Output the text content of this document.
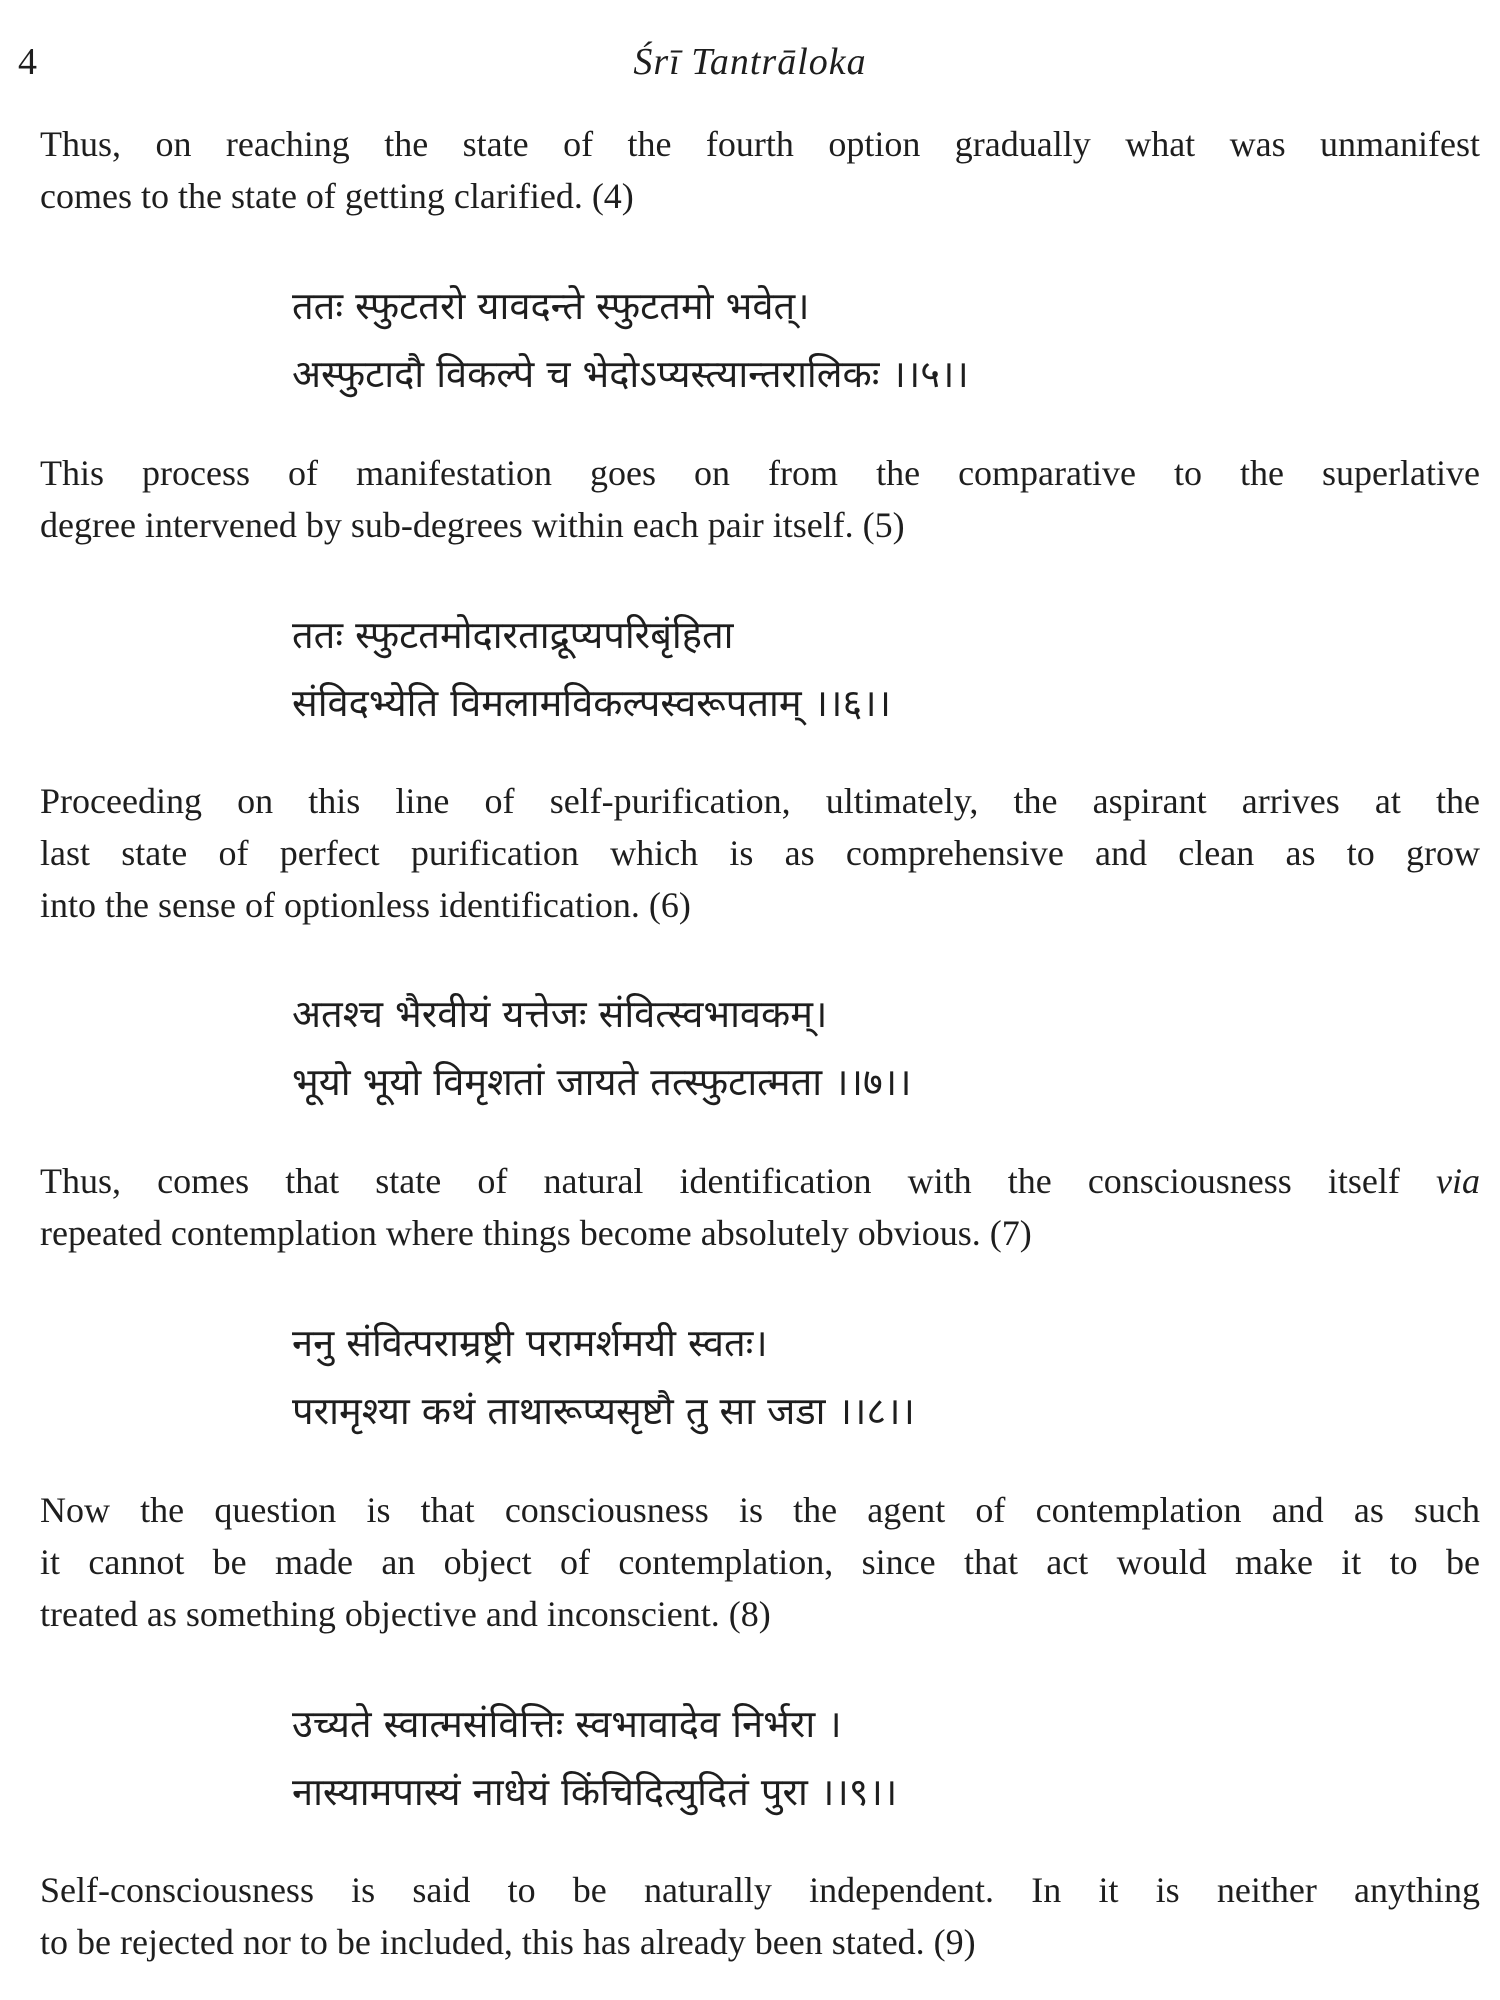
4	Śrī Tantrāloka

Thus, on reaching the state of the fourth option gradually what was unmanifest
comes to the state of getting clarified. (4)

ततः स्फुटतरो यावदन्ते स्फुटतमो भवेत्।
अस्फुटादौ विकल्पे च भेदोऽप्यस्त्यान्तरालिकः ।।५।।

This process of manifestation goes on from the comparative to the superlative
degree intervened by sub-degrees within each pair itself. (5)

ततः स्फुटतमोदारताद्रूप्यपरिबृंहिता
संविदभ्येति विमलामविकल्पस्वरूपताम् ।।६।।

Proceeding on this line of self-purification, ultimately, the aspirant arrives at the
last state of perfect purification which is as comprehensive and clean as to grow
into the sense of optionless identification. (6)

अतश्च भैरवीयं यत्तेजः संवित्स्वभावकम्।
भूयो भूयो विमृशतां जायते तत्स्फुटात्मता ।।७।।

Thus, comes that state of natural identification with the consciousness itself via
repeated contemplation where things become absolutely obvious. (7)

ननु संवित्पराम्रष्ट्री परामर्शमयी स्वतः।
परामृश्या कथं ताथारूप्यसृष्टौ तु सा जडा ।।८।।

Now the question is that consciousness is the agent of contemplation and as such
it cannot be made an object of contemplation, since that act would make it to be
treated as something objective and inconscient. (8)

उच्यते स्वात्मसंवित्तिः स्वभावादेव निर्भरा ।
नास्यामपास्यं नाधेयं किंचिदित्युदितं पुरा ।।९।।

Self-consciousness is said to be naturally independent. In it is neither anything
to be rejected nor to be included, this has already been stated. (9)
